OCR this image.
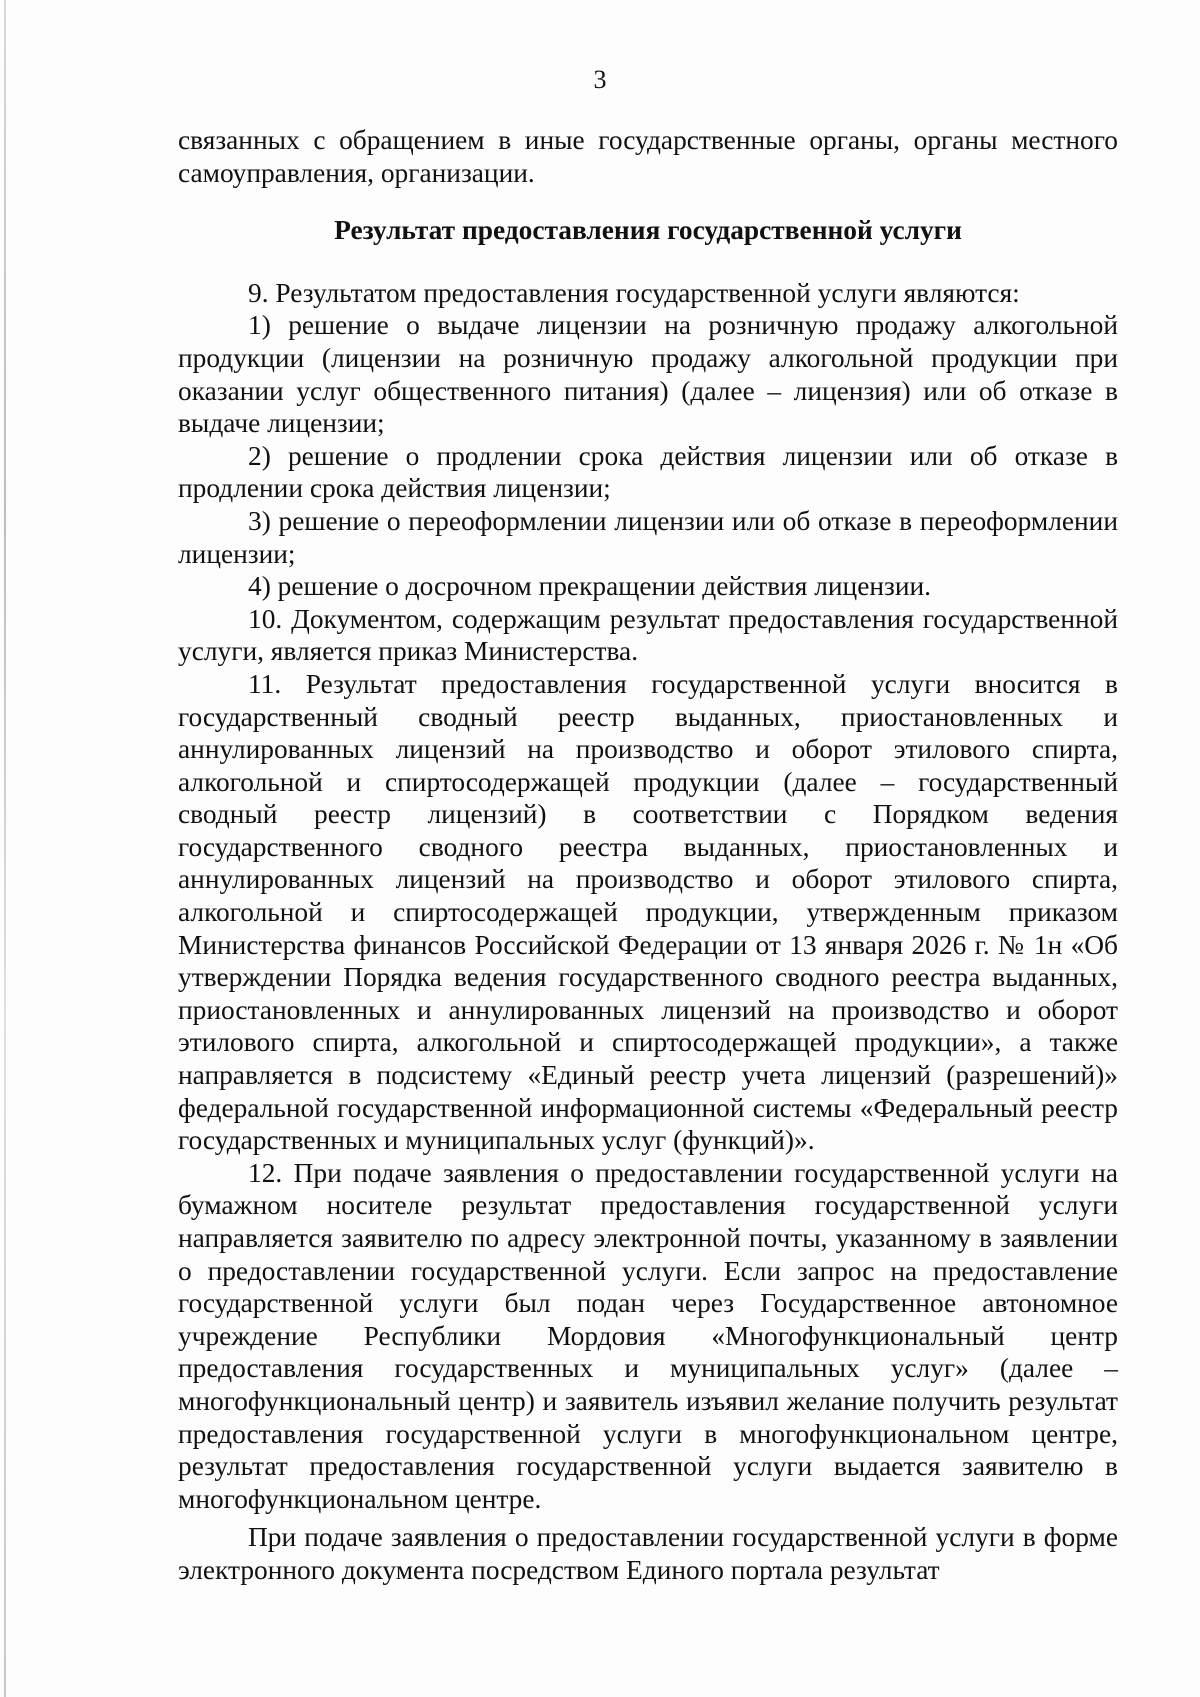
3

связанных с обращением в иные государственные органы, органы местного самоуправления, организации.

Результат предоставления государственной услуги

9. Результатом предоставления государственной услуги являются:

1) решение о выдаче лицензии на розничную продажу алкогольной продукции (лицензии на розничную продажу алкогольной продукции при оказании услуг общественного питания) (далее – лицензия) или об отказе в выдаче лицензии;

2) решение о продлении срока действия лицензии или об отказе в продлении срока действия лицензии;

3) решение о переоформлении лицензии или об отказе в переоформлении лицензии;

4) решение о досрочном прекращении действия лицензии.

10. Документом, содержащим результат предоставления государственной услуги, является приказ Министерства.

11. Результат предоставления государственной услуги вносится в государственный сводный реестр выданных, приостановленных и аннулированных лицензий на производство и оборот этилового спирта, алкогольной и спиртосодержащей продукции (далее – государственный сводный реестр лицензий) в соответствии с Порядком ведения государственного сводного реестра выданных, приостановленных и аннулированных лицензий на производство и оборот этилового спирта, алкогольной и спиртосодержащей продукции, утвержденным приказом Министерства финансов Российской Федерации от 13 января 2026 г. № 1н «Об утверждении Порядка ведения государственного сводного реестра выданных, приостановленных и аннулированных лицензий на производство и оборот этилового спирта, алкогольной и спиртосодержащей продукции», а также направляется в подсистему «Единый реестр учета лицензий (разрешений)» федеральной государственной информационной системы «Федеральный реестр государственных и муниципальных услуг (функций)».

12. При подаче заявления о предоставлении государственной услуги на бумажном носителе результат предоставления государственной услуги направляется заявителю по адресу электронной почты, указанному в заявлении о предоставлении государственной услуги. Если запрос на предоставление государственной услуги был подан через Государственное автономное учреждение Республики Мордовия «Многофункциональный центр предоставления государственных и муниципальных услуг» (далее – многофункциональный центр) и заявитель изъявил желание получить результат предоставления государственной услуги в многофункциональном центре, результат предоставления государственной услуги выдается заявителю в многофункциональном центре.

При подаче заявления о предоставлении государственной услуги в форме электронного документа посредством Единого портала результат
